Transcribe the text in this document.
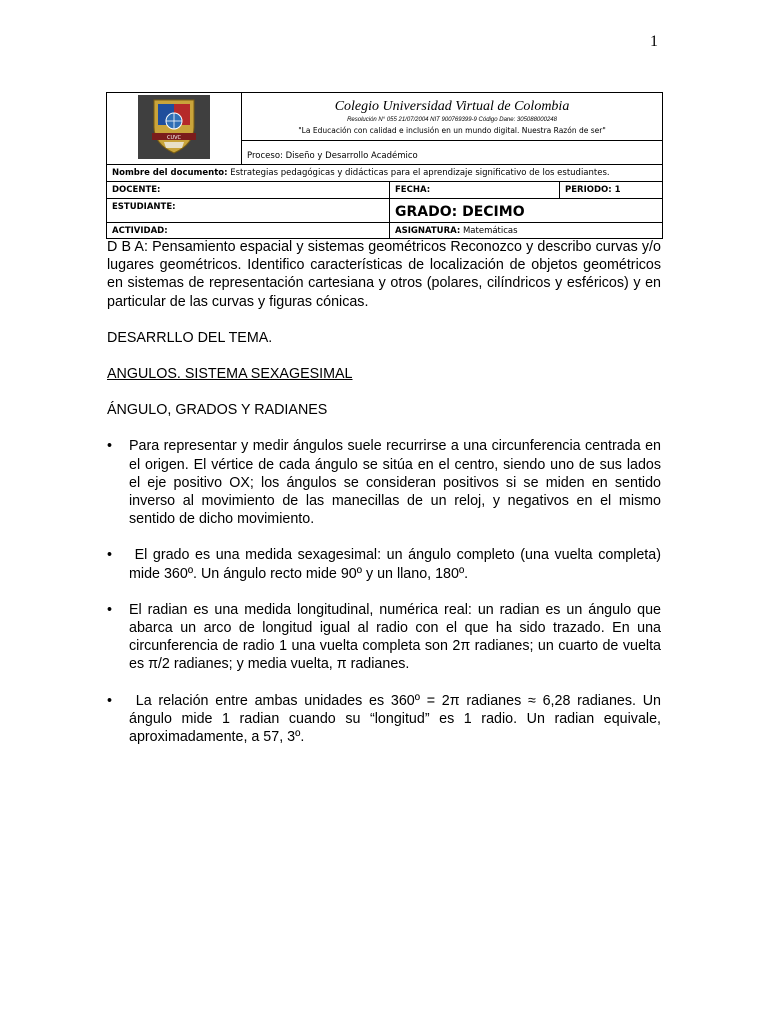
1
CUVC	Colegio Universidad Virtual de Colombia
Resolución N° 055 21/07/2004 NIT 900769399-9 Código Dane: 305088000248
"La Educación con calidad e inclusión en un mundo digital. Nuestra Razón de ser"		

	Proceso: Diseño y Desarrollo Académico		
Nombre del documento: Estrategias pedagógicas y didácticas para el aprendizaje significativo de los estudiantes.			
DOCENTE:		FECHA:	PERIODO: 1
ESTUDIANTE:		GRADO: DECIMO	
ACTIVIDAD:		ASIGNATURA: Matemáticas	

D B A: Pensamiento espacial y sistemas geométricos Reconozco y describo curvas y/o lugares geométricos. Identifico características de localización de objetos geométricos en sistemas de representación cartesiana y otros (polares, cilíndricos y esféricos) y en particular de las curvas y figuras cónicas.

DESARRLLO DEL TEMA.

ANGULOS. SISTEMA SEXAGESIMAL

ÁNGULO, GRADOS Y RADIANES

• Para representar y medir ángulos suele recurrirse a una circunferencia centrada en el origen. El vértice de cada ángulo se sitúa en el centro, siendo uno de sus lados el eje positivo OX; los ángulos se consideran positivos si se miden en sentido inverso al movimiento de las manecillas de un reloj, y negativos en el mismo sentido de dicho movimiento.
• El grado es una medida sexagesimal: un ángulo completo (una vuelta completa) mide 360º. Un ángulo recto mide 90º y un llano, 180º.
• El radian es una medida longitudinal, numérica real: un radian es un ángulo que abarca un arco de longitud igual al radio con el que ha sido trazado. En una circunferencia de radio 1 una vuelta completa son 2π radianes; un cuarto de vuelta es π/2 radianes; y media vuelta, π radianes.
• La relación entre ambas unidades es 360º = 2π radianes ≈ 6,28 radianes. Un ángulo mide 1 radian cuando su “longitud” es 1 radio. Un radian equivale, aproximadamente, a 57, 3º.
